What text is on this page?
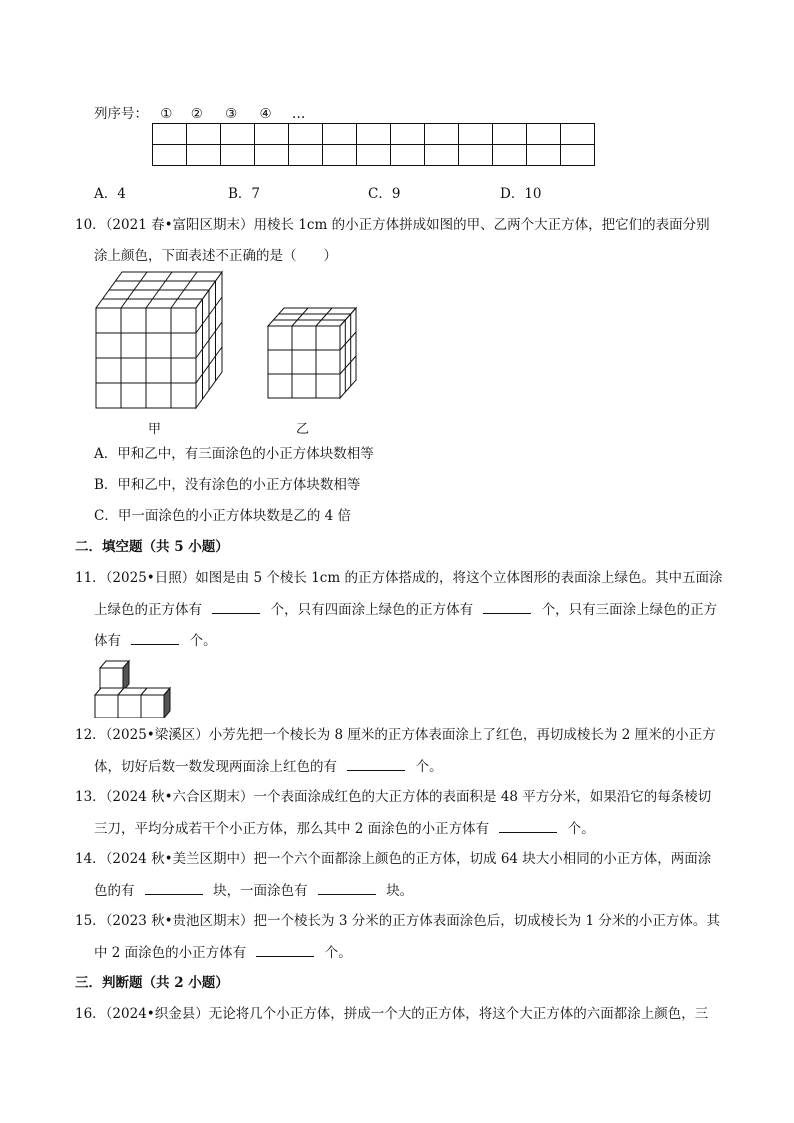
列序号： ① ② ③ ④ …

A．4	B．7	C．9	D．10
10．（2021 春•富阳区期末）用棱长 1cm 的小正方体拼成如图的甲、乙两个大正方体，把它们的表面分别
涂上颜色，下面表述不正确的是（　　）
甲	乙
A．甲和乙中，有三面涂色的小正方体块数相等
B．甲和乙中，没有涂色的小正方体块数相等
C．甲一面涂色的小正方体块数是乙的 4 倍
二．填空题（共 5 小题）
11．（2025•日照）如图是由 5 个棱长 1cm 的正方体搭成的，将这个立体图形的表面涂上绿色。其中五面涂
上绿色的正方体有	个，只有四面涂上绿色的正方体有	个，只有三面涂上绿色的正方
体有	个。
12．（2025•梁溪区）小芳先把一个棱长为 8 厘米的正方体表面涂上了红色，再切成棱长为 2 厘米的小正方
体，切好后数一数发现两面涂上红色的有	个。
13．（2024 秋•六合区期末）一个表面涂成红色的大正方体的表面积是 48 平方分米，如果沿它的每条棱切
三刀，平均分成若干个小正方体，那么其中 2 面涂色的小正方体有	个。
14．（2024 秋•美兰区期中）把一个六个面都涂上颜色的正方体，切成 64 块大小相同的小正方体，两面涂
色的有	块，一面涂色有	块。
15．（2023 秋•贵池区期末）把一个棱长为 3 分米的正方体表面涂色后，切成棱长为 1 分米的小正方体。其
中 2 面涂色的小正方体有	个。
三．判断题（共 2 小题）
16．（2024•织金县）无论将几个小正方体，拼成一个大的正方体，将这个大正方体的六面都涂上颜色，三
